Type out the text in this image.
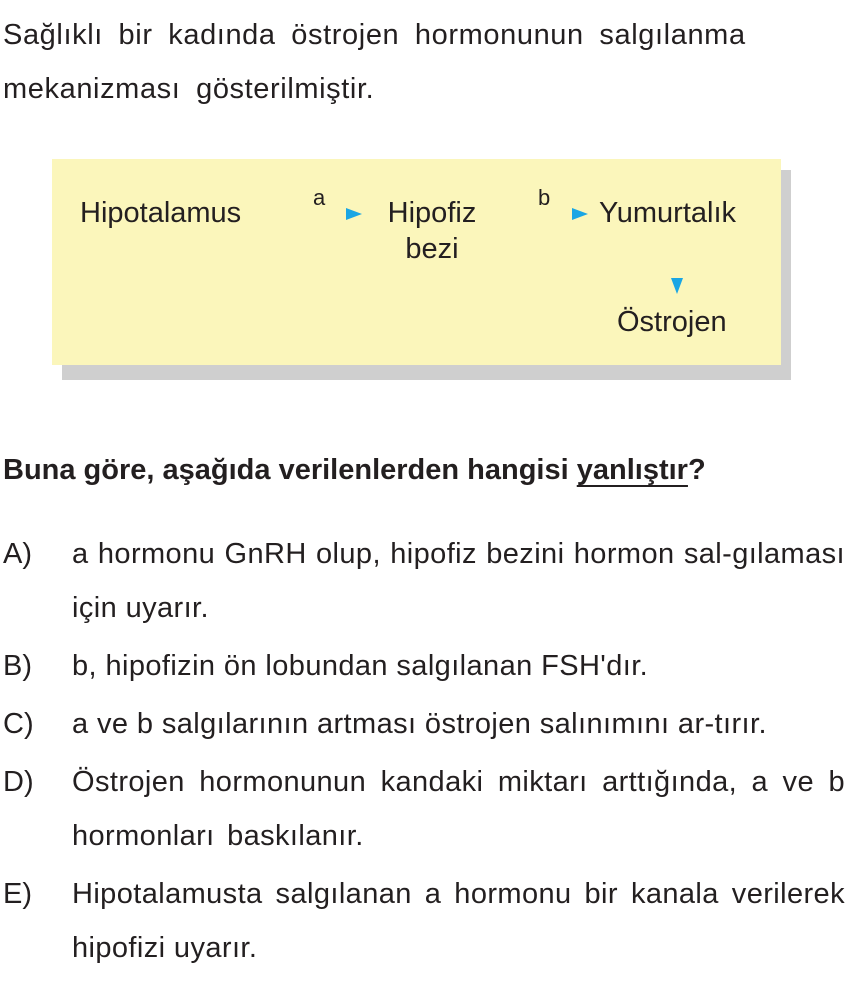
Sağlıklı bir kadında östrojen hormonunun salgılanma mekanizması gösterilmiştir.
Hipotalamus	Hipofiz
bezi
Yumurtalık
Östrojen
a	b
Buna göre, aşağıda verilenlerden hangisi yanlıştır?
A) a hormonu GnRH olup, hipofiz bezini hormon sal-gılaması için uyarır.
B) b, hipofizin ön lobundan salgılanan FSH'dır.
C) a ve b salgılarının artması östrojen salınımını ar-tırır.
D) Östrojen hormonunun kandaki miktarı arttığında, a ve b hormonları baskılanır.
E) Hipotalamusta salgılanan a hormonu bir kanala verilerek hipofizi uyarır.
